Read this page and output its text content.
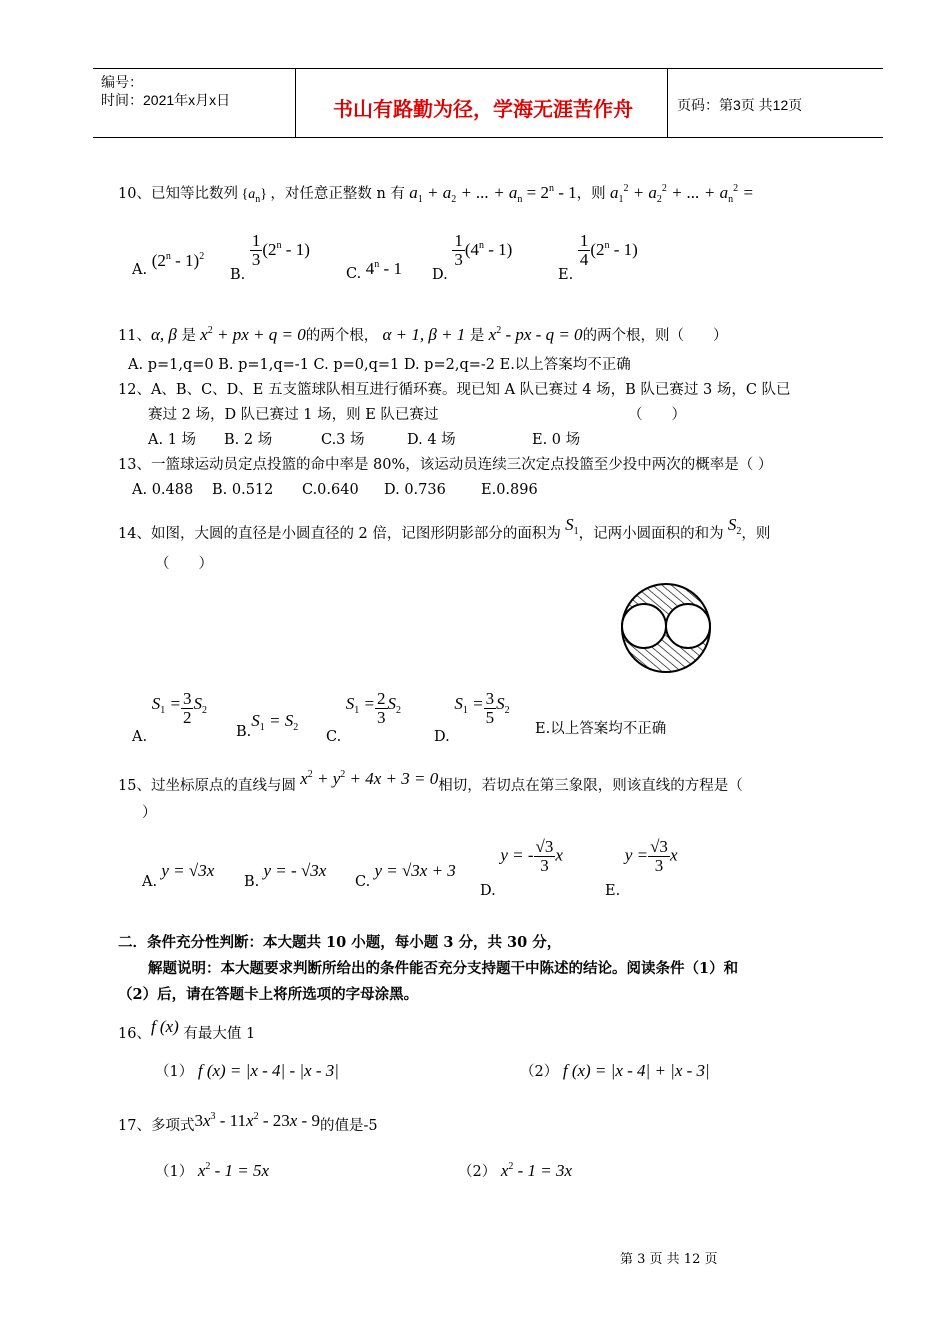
编号：
时间：2021年x月x日	书山有路勤为径，学海无涯苦作舟	页码：第3页 共12页
10、已知等比数列 $\{a_n\}$ ，对任意正整数 n 有 $a_1 + a_2$ + ... + $a_n = 2^n - 1$，则 $a_1^2 + a_2^2$ + ... + $a_n^2$ =
A. (2$^n$ - 1)$^2$
B.
$\frac{1}{3} (2^n - 1)$
C. 4$^n$ - 1 D.
$\frac{1}{3} (4^n - 1)$
E.
$\frac{1}{4} (2^n - 1)$
11、α, β 是 $x^2$ + px + q = 0的两个根， α + 1, β + 1 是 $x^2$ - px - q = 0的两个根，则（　　）
A. p=1,q=0 B. p=1,q=-1 C. p=0,q=1 D. p=2,q=-2 E.以上答案均不正确
12、A、B、C、D、E 五支篮球队相互进行循环赛。现已知 A 队已赛过 4 场，B 队已赛过 3 场，C 队已
赛过 2 场，D 队已赛过 1 场，则 E 队已赛过	（　　）
A. 1 场 B. 2 场	C.3 场	D. 4 场	E. 0 场
13、一篮球运动员定点投篮的命中率是 80%，该运动员连续三次定点投篮至少投中两次的概率是（ ）
A. 0.488 B. 0.512 C.0.640 D. 0.736 E.0.896
14、如图，大圆的直径是小圆直径的 2 倍，记图形阴影部分的面积为 $S_1$，记两小圆面积的和为 $S_2$，则
（　　）
A. $S_1 = \frac{3}{2} S_2$
$B.S_1 = S_2$
C. $S_1 = \frac{2}{3} S_2$
D. $S_1 = \frac{3}{5} S_2$
E.以上答案均不正确
15、过坐标原点的直线与圆 $x^2 + y^2 + 4x + 3 = 0$相切，若切点在第三象限，则该直线的方程是（
）
A. y = √3x
B. y = - √3x
C. y = √3x + 3
D. y = - $\frac{√3}{3}$ x
E. $y = \frac{√3}{3}$ x
二．条件充分性判断：本大题共 10 小题，每小题 3 分，共 30 分，
解题说明：本大题要求判断所给出的条件能否充分支持题干中陈述的结论。阅读条件（1）和
（2）后，请在答题卡上将所选项的字母涂黑。
16、f (x) 有最大值 1
（1） f (x) = |x - 4| - |x - 3|	（2） f (x) = |x - 4| + |x - 3|
17、多项式$3x^3 - 11x^2 - 23x - 9$的值是-5
（1） $x^2 - 1 = 5x$	（2） $x^2 - 1 = 3x$
第 3 页 共 12 页
